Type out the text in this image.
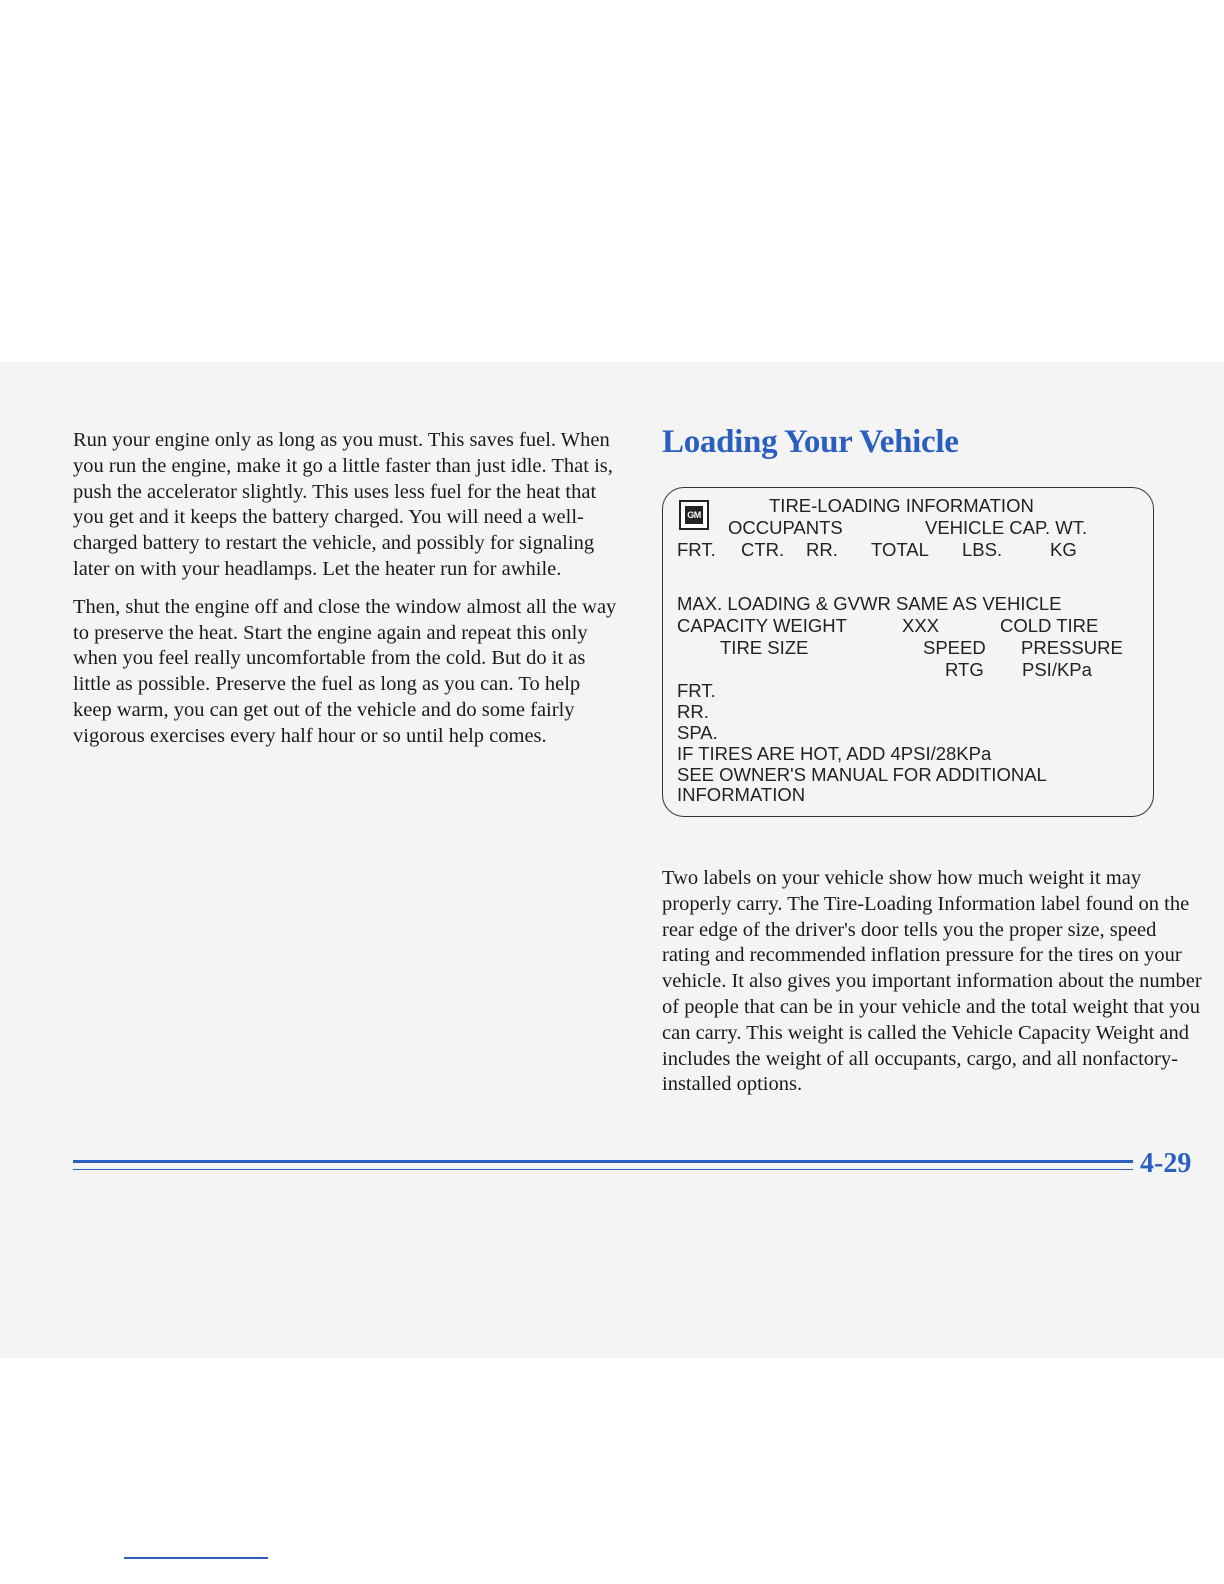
Run your engine only as long as you must. This saves fuel. When you run the engine, make it go a little faster than just idle. That is, push the accelerator slightly. This uses less fuel for the heat that you get and it keeps the battery charged. You will need a well-charged battery to restart the vehicle, and possibly for signaling later on with your headlamps. Let the heater run for awhile.

Then, shut the engine off and close the window almost all the way to preserve the heat. Start the engine again and repeat this only when you feel really uncomfortable from the cold. But do it as little as possible. Preserve the fuel as long as you can. To help keep warm, you can get out of the vehicle and do some fairly vigorous exercises every half hour or so until help comes.

Loading Your Vehicle
GM	TIRE-LOADING INFORMATION
OCCUPANTS	VEHICLE CAP. WT.
FRT. CTR. RR. TOTAL LBS.	KG
MAX. LOADING & GVWR SAME AS VEHICLE
CAPACITY WEIGHT	XXX	COLD TIRE
TIRE SIZE	SPEED PRESSURE
RTG PSI/KPa
FRT.
RR.
SPA.
IF TIRES ARE HOT, ADD 4PSI/28KPa
SEE OWNER'S MANUAL FOR ADDITIONAL
INFORMATION

Two labels on your vehicle show how much weight it may properly carry. The Tire-Loading Information label found on the rear edge of the driver's door tells you the proper size, speed rating and recommended inflation pressure for the tires on your vehicle. It also gives you important information about the number of people that can be in your vehicle and the total weight that you can carry. This weight is called the Vehicle Capacity Weight and includes the weight of all occupants, cargo, and all nonfactory-installed options.

4-29
